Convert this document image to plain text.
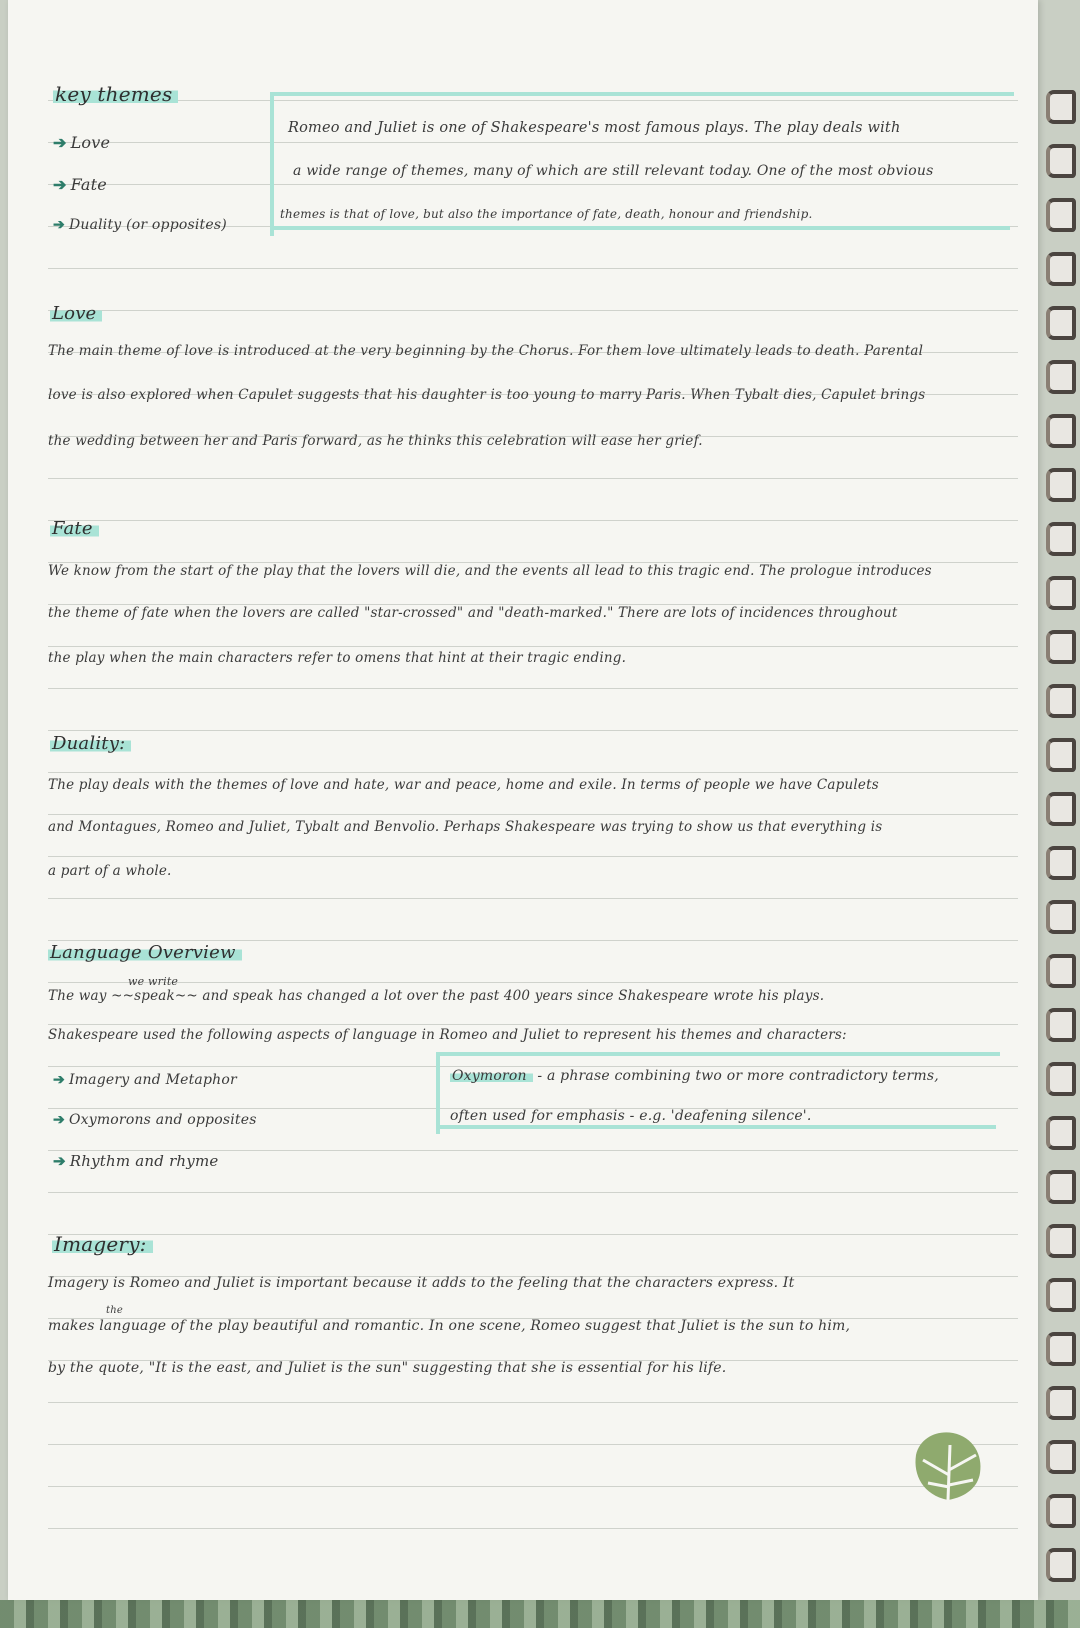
key themes
➔ Love
➔ Fate
➔ Duality (or opposites)
Romeo and Juliet is one of Shakespeare's most famous plays. The play deals with
a wide range of themes, many of which are still relevant today. One of the most obvious
themes is that of love, but also the importance of fate, death, honour and friendship.
Love
The main theme of love is introduced at the very beginning by the Chorus. For them love ultimately leads to death. Parental
love is also explored when Capulet suggests that his daughter is too young to marry Paris. When Tybalt dies, Capulet brings
the wedding between her and Paris forward, as he thinks this celebration will ease her grief.
Fate
We know from the start of the play that the lovers will die, and the events all lead to this tragic end. The prologue introduces
the theme of fate when the lovers are called "star-crossed" and "death-marked." There are lots of incidences throughout
the play when the main characters refer to omens that hint at their tragic ending.
Duality:
The play deals with the themes of love and hate, war and peace, home and exile. In terms of people we have Capulets
and Montagues, Romeo and Juliet, Tybalt and Benvolio. Perhaps Shakespeare was trying to show us that everything is
a part of a whole.
Language Overview
we write
The way ~~speak~~ and speak has changed a lot over the past 400 years since Shakespeare wrote his plays.
Shakespeare used the following aspects of language in Romeo and Juliet to represent his themes and characters:
➔ Imagery and Metaphor
➔ Oxymorons and opposites
➔ Rhythm and rhyme
Oxymoron - a phrase combining two or more contradictory terms,
often used for emphasis - e.g. 'deafening silence'.
Imagery:
Imagery is Romeo and Juliet is important because it adds to the feeling that the characters express. It
the
makes language of the play beautiful and romantic. In one scene, Romeo suggest that Juliet is the sun to him,
by the quote, "It is the east, and Juliet is the sun" suggesting that she is essential for his life.
